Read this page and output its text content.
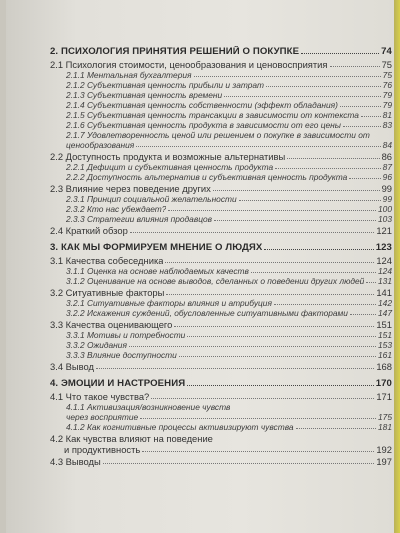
2. ПСИХОЛОГИЯ ПРИНЯТИЯ РЕШЕНИЙ О ПОКУПКЕ	74
2.1 Психология стоимости, ценообразования и ценовосприятия	75
2.1.1 Ментальная бухгалтерия	75
2.1.2 Субъективная ценность прибыли и затрат	76
2.1.3 Субъективная ценность времени	79
2.1.4 Субъективная ценность собственности (эффект обладания)	79
2.1.5 Субъективная ценность трансакции в зависимости от контекста	81
2.1.6 Субъективная ценность продукта в зависимости от его цены	83
2.1.7 Удовлетворенность ценой или решением о покупке в зависимости от
ценообразования	84
2.2 Доступность продукта и возможные альтернативы	86
2.2.1 Дефицит и субъективная ценность продукта	87
2.2.2 Доступность альтернатив и субъективная ценность продукта	96
2.3 Влияние через поведение других	99
2.3.1 Принцип социальной желательности	99
2.3.2 Кто нас убеждает?	100
2.3.3 Стратегии влияния продавцов	103
2.4 Краткий обзор	121
3. КАК МЫ ФОРМИРУЕМ МНЕНИЕ О ЛЮДЯХ	123
3.1 Качества собеседника	124
3.1.1 Оценка на основе наблюдаемых качеств	124
3.1.2 Оценивание на основе выводов, сделанных о поведении других людей 131
3.2 Ситуативные факторы	141
3.2.1 Ситуативные факторы влияния и атрибуция	142
3.2.2 Искажения суждений, обусловленные ситуативными факторами	147
3.3 Качества оценивающего	151
3.3.1 Мотивы и потребности	151
3.3.2 Ожидания	153
3.3.3 Влияние доступности	161
3.4 Вывод	168
4. ЭМОЦИИ И НАСТРОЕНИЯ	170
4.1 Что такое чувства?	171
4.1.1 Активизация/возникновение чувств
через восприятие	175
4.1.2 Как когнитивные процессы активизируют чувства	181
4.2 Как чувства влияют на поведение
и продуктивность	192
4.3 Выводы	197
